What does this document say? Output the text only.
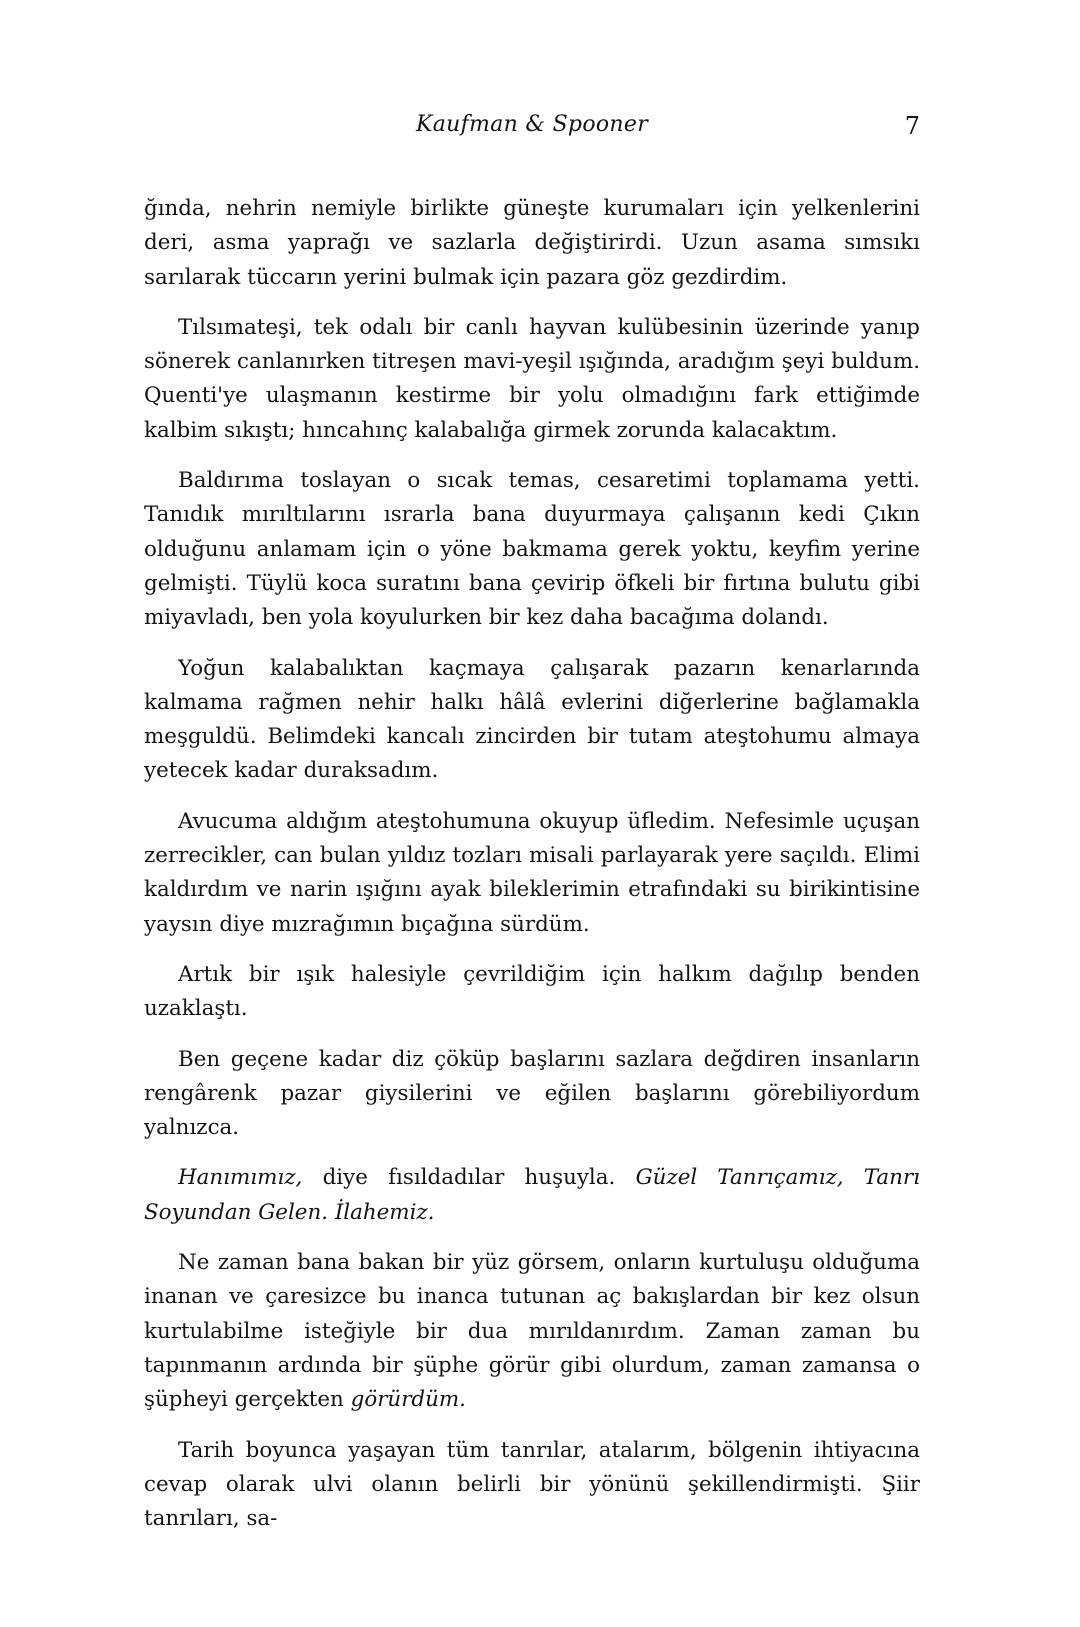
Kaufman & Spooner	7

ğında, nehrin nemiyle birlikte güneşte kurumaları için yelkenlerini deri, asma yaprağı ve sazlarla değiştirirdi. Uzun asama sımsıkı sarılarak tüccarın yerini bulmak için pazara göz gezdirdim.

Tılsımateşi, tek odalı bir canlı hayvan kulübesinin üzerinde yanıp sönerek canlanırken titreşen mavi-yeşil ışığında, aradığım şeyi buldum. Quenti'ye ulaşmanın kestirme bir yolu olmadığını fark ettiğimde kalbim sıkıştı; hıncahınç kalabalığa girmek zorunda kalacaktım.

Baldırıma toslayan o sıcak temas, cesaretimi toplamama yetti. Tanıdık mırıltılarını ısrarla bana duyurmaya çalışanın kedi Çıkın olduğunu anlamam için o yöne bakmama gerek yoktu, keyfim yerine gelmişti. Tüylü koca suratını bana çevirip öfkeli bir fırtına bulutu gibi miyavladı, ben yola koyulurken bir kez daha bacağıma dolandı.

Yoğun kalabalıktan kaçmaya çalışarak pazarın kenarlarında kalmama rağmen nehir halkı hâlâ evlerini diğerlerine bağlamakla meşguldü. Belimdeki kancalı zincirden bir tutam ateştohumu almaya yetecek kadar duraksadım.

Avucuma aldığım ateştohumuna okuyup üfledim. Nefesimle uçuşan zerrecikler, can bulan yıldız tozları misali parlayarak yere saçıldı. Elimi kaldırdım ve narin ışığını ayak bileklerimin etrafındaki su birikintisine yaysın diye mızrağımın bıçağına sürdüm.

Artık bir ışık halesiyle çevrildiğim için halkım dağılıp benden uzaklaştı.

Ben geçene kadar diz çöküp başlarını sazlara değdiren insanların rengârenk pazar giysilerini ve eğilen başlarını görebiliyordum yalnızca.

Hanımımız, diye fısıldadılar huşuyla. Güzel Tanrıçamız, Tanrı Soyundan Gelen. İlahemiz.

Ne zaman bana bakan bir yüz görsem, onların kurtuluşu olduğuma inanan ve çaresizce bu inanca tutunan aç bakışlardan bir kez olsun kurtulabilme isteğiyle bir dua mırıldanırdım. Zaman zaman bu tapınmanın ardında bir şüphe görür gibi olurdum, zaman zamansa o şüpheyi gerçekten görürdüm.

Tarih boyunca yaşayan tüm tanrılar, atalarım, bölgenin ihtiyacına cevap olarak ulvi olanın belirli bir yönünü şekillendirmişti. Şiir tanrıları, sa-
